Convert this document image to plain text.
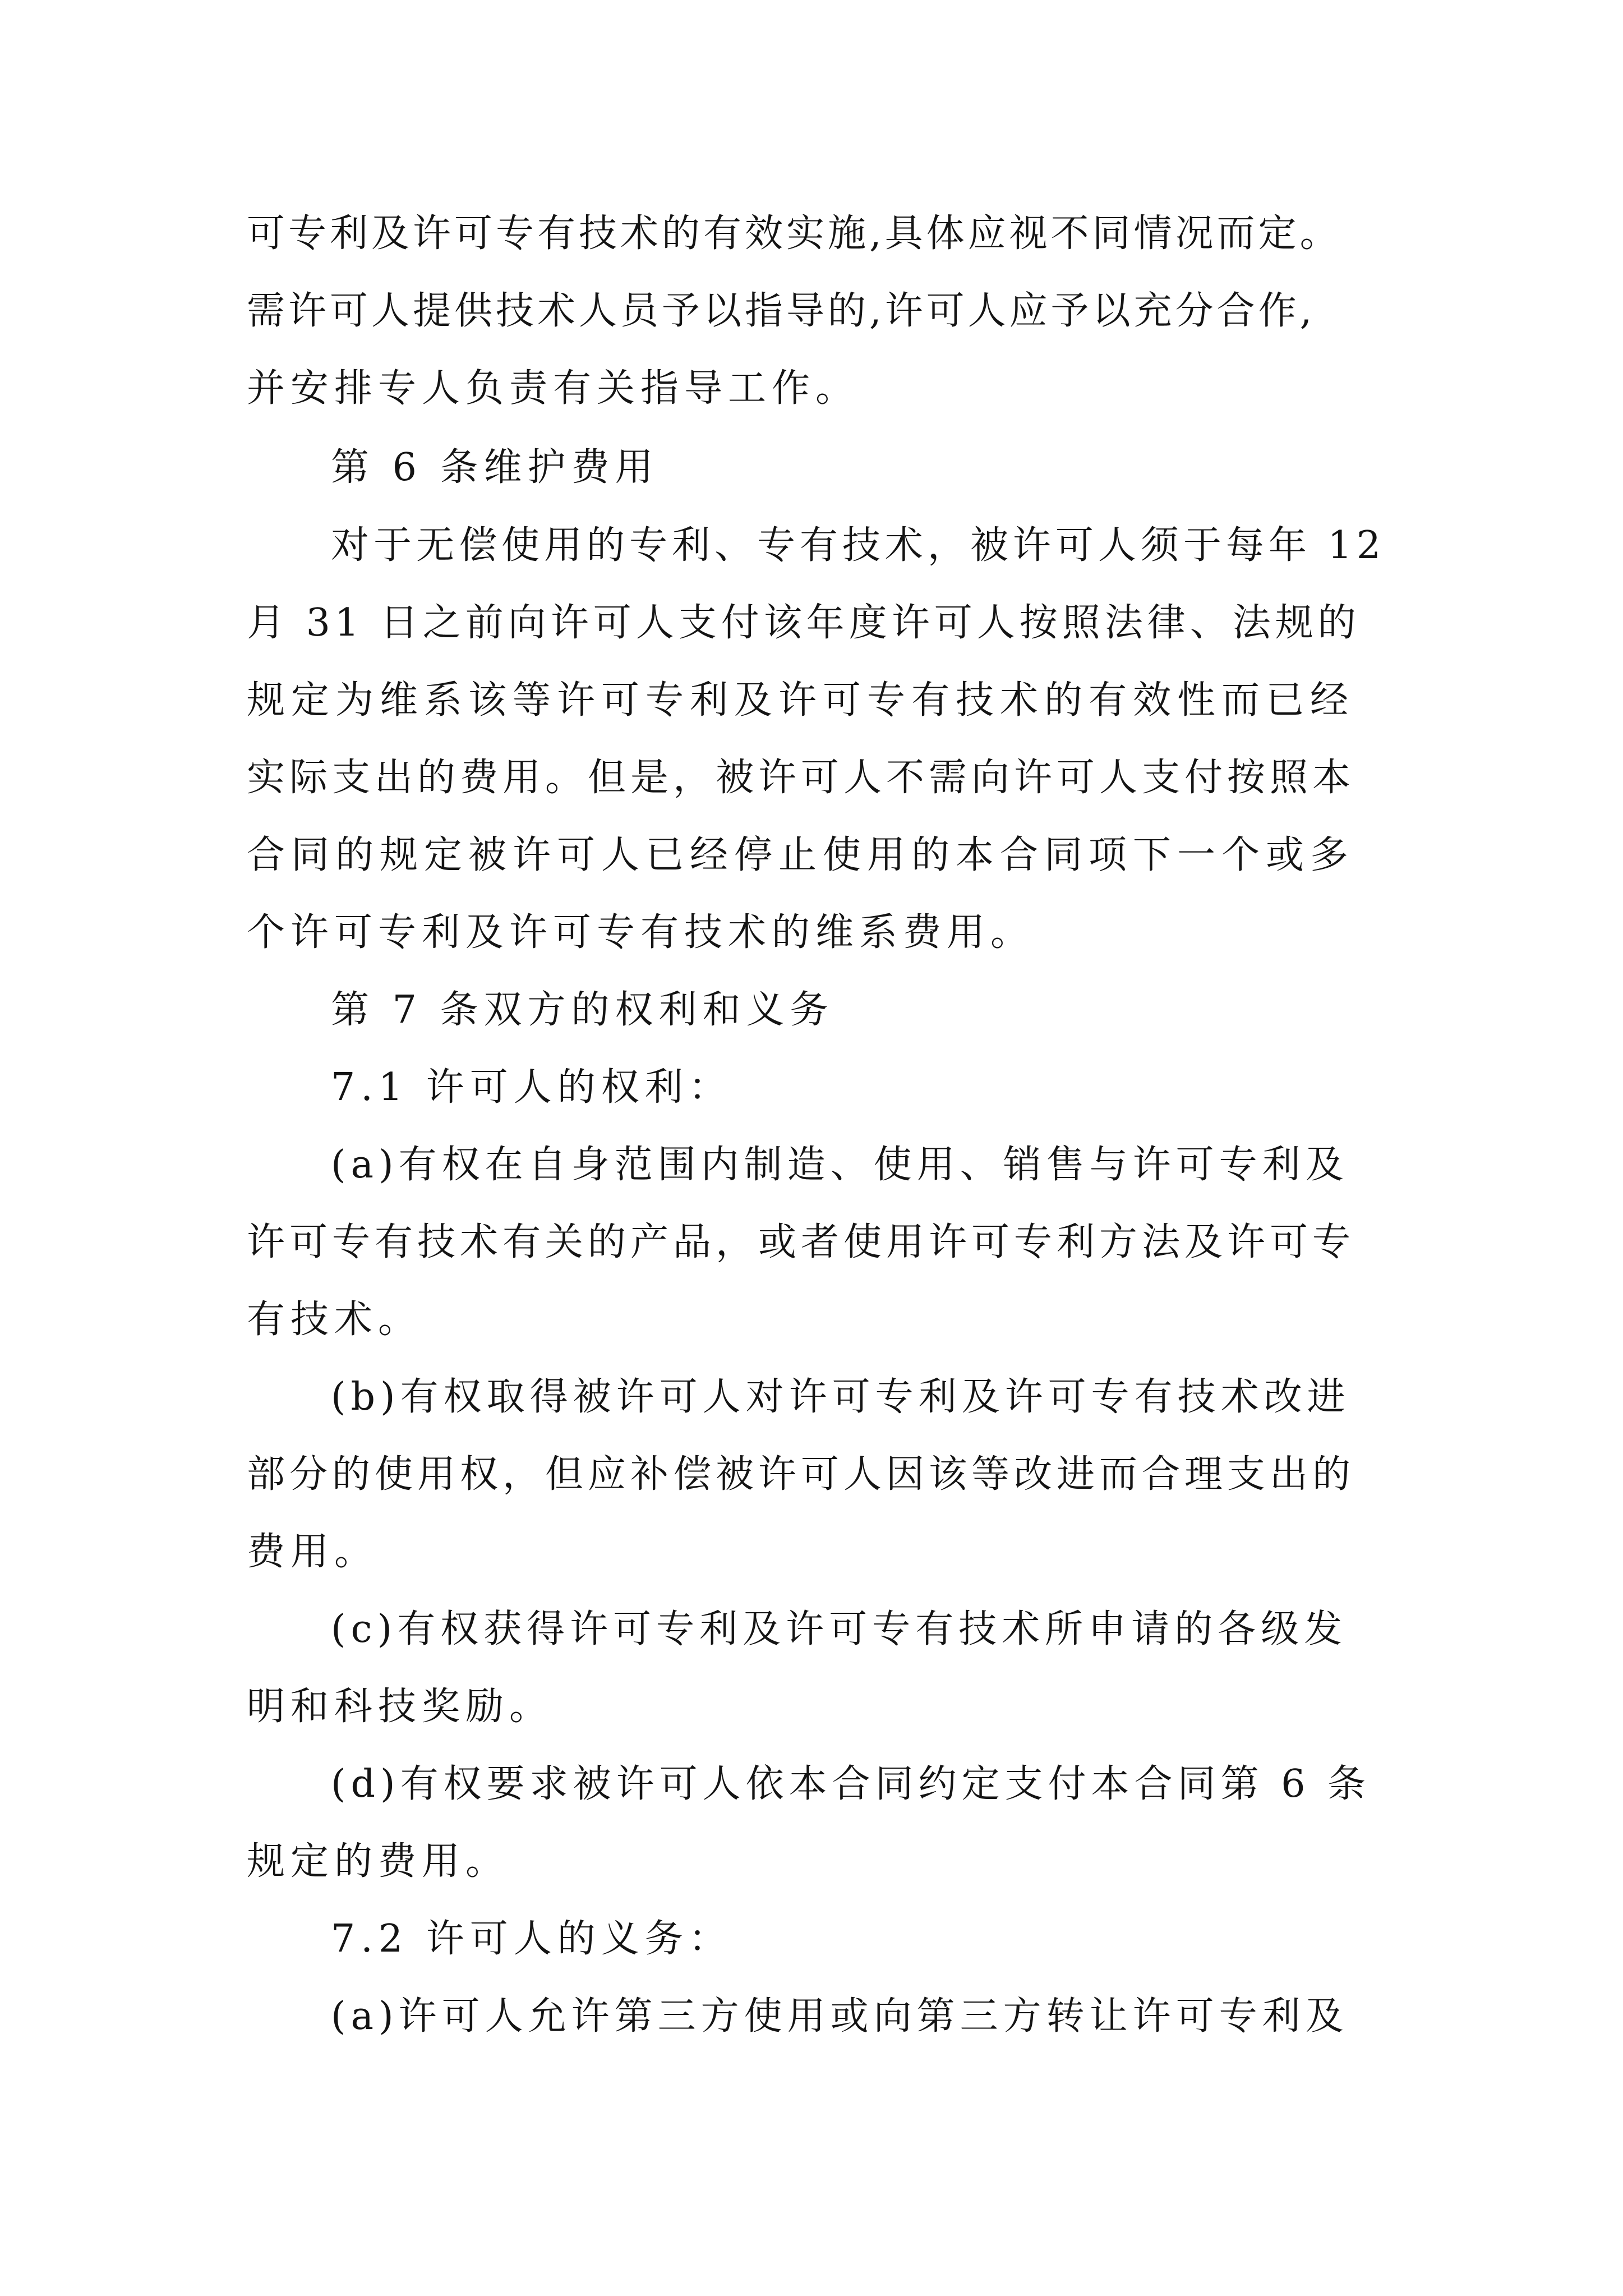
可专利及许可专有技术的有效实施,具体应视不同情况而定。

需许可人提供技术人员予以指导的,许可人应予以充分合作,

并安排专人负责有关指导工作。

第 6 条维护费用

对于无偿使用的专利、专有技术，被许可人须于每年 12

月 31 日之前向许可人支付该年度许可人按照法律、法规的

规定为维系该等许可专利及许可专有技术的有效性而已经

实际支出的费用。但是，被许可人不需向许可人支付按照本

合同的规定被许可人已经停止使用的本合同项下一个或多

个许可专利及许可专有技术的维系费用。

第 7 条双方的权利和义务

7.1 许可人的权利：

(a)有权在自身范围内制造、使用、销售与许可专利及

许可专有技术有关的产品，或者使用许可专利方法及许可专

有技术。

(b)有权取得被许可人对许可专利及许可专有技术改进

部分的使用权，但应补偿被许可人因该等改进而合理支出的

费用。

(c)有权获得许可专利及许可专有技术所申请的各级发

明和科技奖励。

(d)有权要求被许可人依本合同约定支付本合同第 6 条

规定的费用。

7.2 许可人的义务：

(a)许可人允许第三方使用或向第三方转让许可专利及
